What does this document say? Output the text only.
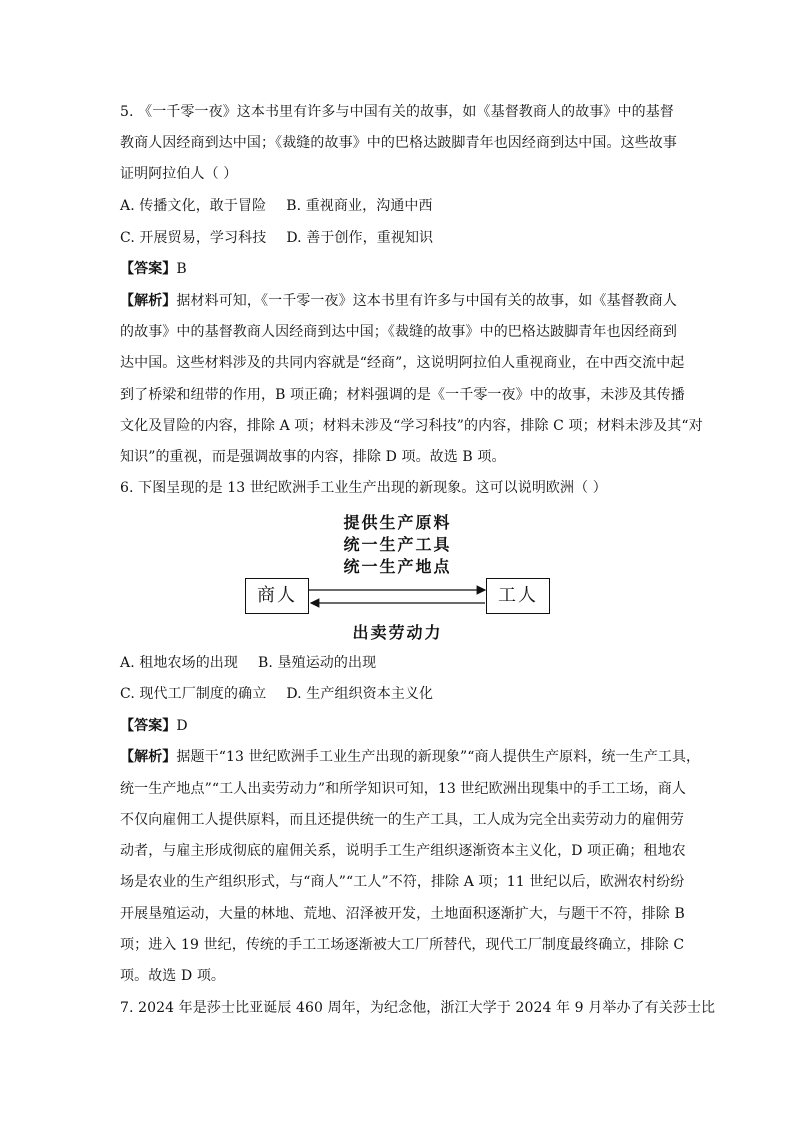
5. 《一千零一夜》这本书里有许多与中国有关的故事，如《基督教商人的故事》中的基督
教商人因经商到达中国；《裁缝的故事》中的巴格达跛脚青年也因经商到达中国。这些故事
证明阿拉伯人（ ）
A. 传播文化，敢于冒险 B. 重视商业，沟通中西
C. 开展贸易，学习科技 D. 善于创作，重视知识
【答案】B
【解析】据材料可知，《一千零一夜》这本书里有许多与中国有关的故事，如《基督教商人
的故事》中的基督教商人因经商到达中国；《裁缝的故事》中的巴格达跛脚青年也因经商到
达中国。这些材料涉及的共同内容就是“经商”，这说明阿拉伯人重视商业，在中西交流中起
到了桥梁和纽带的作用，B 项正确；材料强调的是《一千零一夜》中的故事，未涉及其传播
文化及冒险的内容，排除 A 项；材料未涉及“学习科技”的内容，排除 C 项；材料未涉及其“对
知识”的重视，而是强调故事的内容，排除 D 项。故选 B 项。
6. 下图呈现的是 13 世纪欧洲手工业生产出现的新现象。这可以说明欧洲（ ）
提供生产原料
统一生产工具
统一生产地点
商人	工人
出卖劳动力
A. 租地农场的出现 B. 垦殖运动的出现
C. 现代工厂制度的确立 D. 生产组织资本主义化
【答案】D
【解析】据题干“13 世纪欧洲手工业生产出现的新现象”“商人提供生产原料，统一生产工具，
统一生产地点”“工人出卖劳动力”和所学知识可知，13 世纪欧洲出现集中的手工工场，商人
不仅向雇佣工人提供原料，而且还提供统一的生产工具，工人成为完全出卖劳动力的雇佣劳
动者，与雇主形成彻底的雇佣关系，说明手工生产组织逐渐资本主义化，D 项正确；租地农
场是农业的生产组织形式，与“商人”“工人”不符，排除 A 项；11 世纪以后，欧洲农村纷纷
开展垦殖运动，大量的林地、荒地、沼泽被开发，土地面积逐渐扩大，与题干不符，排除 B
项；进入 19 世纪，传统的手工工场逐渐被大工厂所替代，现代工厂制度最终确立，排除 C
项。故选 D 项。
7. 2024 年是莎士比亚诞辰 460 周年，为纪念他，浙江大学于 2024 年 9 月举办了有关莎士比
